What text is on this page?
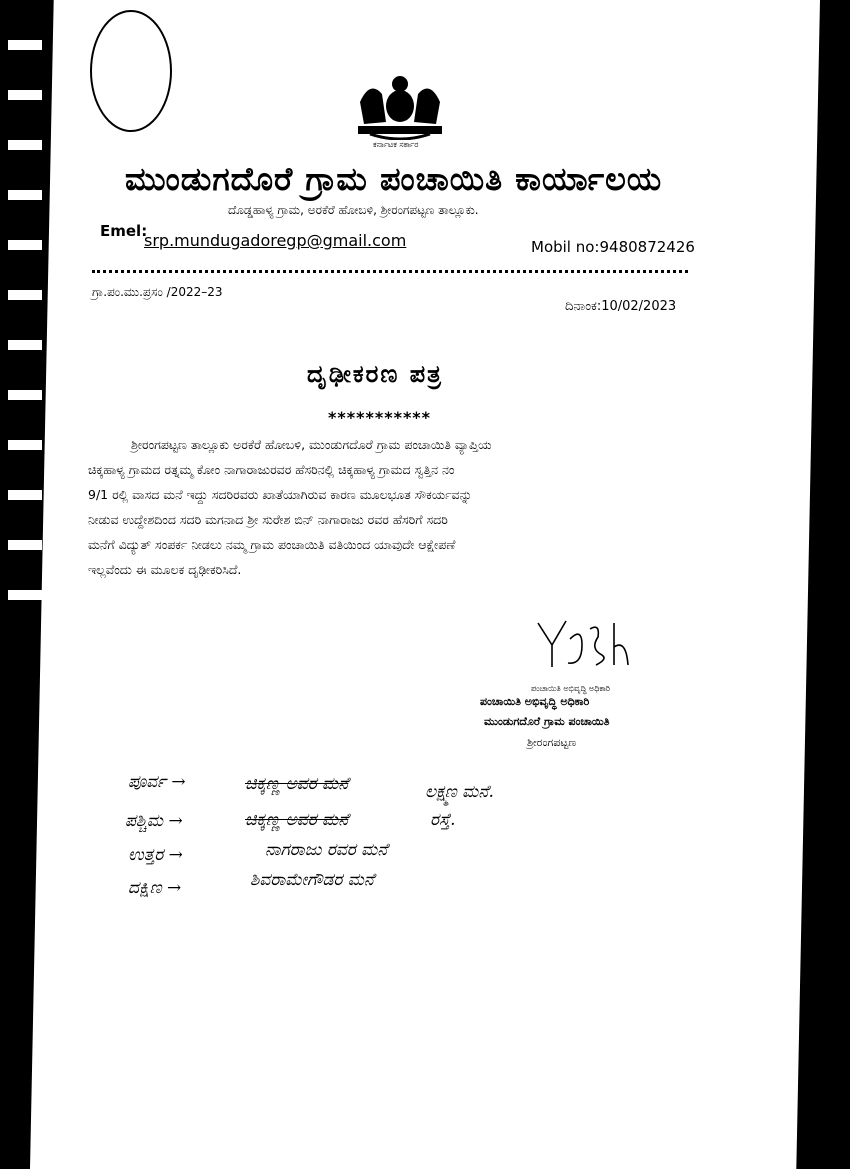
ಕರ್ನಾಟಕ ಸರ್ಕಾರ
ಮುಂಡುಗದೊರೆ ಗ್ರಾಮ ಪಂಚಾಯಿತಿ ಕಾರ್ಯಾಲಯ
ದೊಡ್ಡಹಾಳ್ಯ ಗ್ರಾಮ, ಅರಕೆರೆ ಹೋಬಳಿ, ಶ್ರೀರಂಗಪಟ್ಟಣ ತಾಲ್ಲೂಕು.
Emel:
srp.mundugadoregp@gmail.com	Mobil no:9480872426
ಗ್ರಾ.ಪಂ.ಮು.ಪ್ರಸಂ /2022–23
ದಿನಾಂಕ:10/02/2023
ದೃಢೀಕರಣ ಪತ್ರ
***********
ಶ್ರೀರಂಗಪಟ್ಟಣ ತಾಲ್ಲೂಕು ಅರಕೆರೆ ಹೋಬಳಿ, ಮುಂಡುಗದೊರೆ ಗ್ರಾಮ ಪಂಚಾಯಿತಿ ವ್ಯಾಪ್ತಿಯ
ಚಿಕ್ಕಹಾಳ್ಯ ಗ್ರಾಮದ ರತ್ನಮ್ಮ ಕೋಂ ನಾಗಾರಾಜುರವರ ಹೆಸರಿನಲ್ಲಿ ಚಿಕ್ಕಹಾಳ್ಯ ಗ್ರಾಮದ ಸ್ವತ್ತಿನ ನಂ
9/1 ರಲ್ಲಿ ವಾಸದ ಮನೆ ಇದ್ದು ಸದರಿರವರು ಖಾತೆಯಾಗಿರುವ ಕಾರಣ ಮೂಲಭೂತ ಸೌಕರ್ಯವನ್ನು
ನೀಡುವ ಉದ್ದೇಶದಿಂದ ಸದರಿ ಮಗನಾದ ಶ್ರೀ ಸುರೇಶ ಬಿನ್ ನಾಗಾರಾಜು ರವರ ಹೆಸರಿಗೆ ಸದರಿ
ಮನೆಗೆ ವಿದ್ಯುತ್ ಸಂಪರ್ಕ ನೀಡಲು ನಮ್ಮ ಗ್ರಾಮ ಪಂಚಾಯಿತಿ ವತಿಯಿಂದ ಯಾವುದೇ ಆಕ್ಷೇಪಣೆ
ಇಲ್ಲವೆಂದು ಈ ಮೂಲಕ ದೃಢೀಕರಿಸಿದೆ.
ಪಂಚಾಯಿತಿ ಅಭಿವೃದ್ಧಿ ಅಧಿಕಾರಿ
ಪಂಚಾಯಿತಿ ಅಭಿವೃದ್ಧಿ ಅಧಿಕಾರಿ
ಮುಂಡುಗದೊರೆ ಗ್ರಾಮ ಪಂಚಾಯಿತಿ
ಶ್ರೀರಂಗಪಟ್ಟಣ
ಪೂರ್ವ →	ಚಿಕ್ಕಣ್ಣ ಅವರ ಮನೆ	ಲಕ್ಷ್ಮಣ ಮನೆ.
ಪಶ್ಚಿಮ →	ಚಿಕ್ಕಣ್ಣ ಅವರ ಮನೆ	ರಸ್ತೆ.
ಉತ್ತರ →	ನಾಗರಾಜು ರವರ ಮನೆ
ದಕ್ಷಿಣ →	ಶಿವರಾಮೇಗೌಡರ ಮನೆ
